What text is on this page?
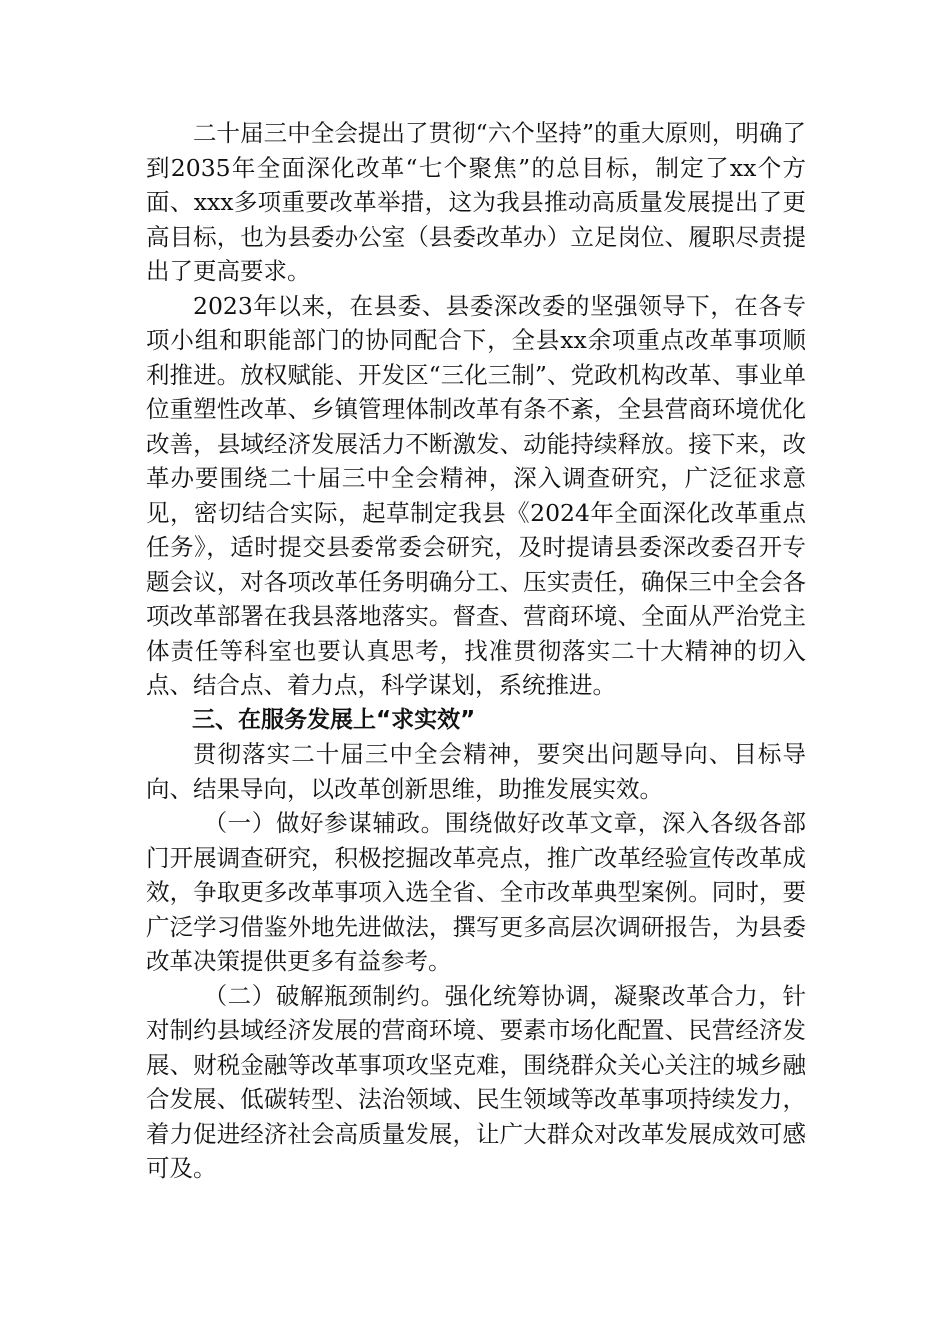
二十届三中全会提出了贯彻“六个坚持”的重大原则，明确了到2035年全面深化改革“七个聚焦”的总目标，制定了xx个方面、xxx多项重要改革举措，这为我县推动高质量发展提出了更高目标，也为县委办公室（县委改革办）立足岗位、履职尽责提出了更高要求。

2023年以来，在县委、县委深改委的坚强领导下，在各专项小组和职能部门的协同配合下，全县xx余项重点改革事项顺利推进。放权赋能、开发区“三化三制”、党政机构改革、事业单位重塑性改革、乡镇管理体制改革有条不紊，全县营商环境优化改善，县域经济发展活力不断激发、动能持续释放。接下来，改革办要围绕二十届三中全会精神，深入调查研究，广泛征求意见，密切结合实际，起草制定我县《2024年全面深化改革重点任务》，适时提交县委常委会研究，及时提请县委深改委召开专题会议，对各项改革任务明确分工、压实责任，确保三中全会各项改革部署在我县落地落实。督查、营商环境、全面从严治党主体责任等科室也要认真思考，找准贯彻落实二十大精神的切入点、结合点、着力点，科学谋划，系统推进。

三、在服务发展上“求实效”

贯彻落实二十届三中全会精神，要突出问题导向、目标导向、结果导向，以改革创新思维，助推发展实效。

（一）做好参谋辅政。围绕做好改革文章，深入各级各部门开展调查研究，积极挖掘改革亮点，推广改革经验宣传改革成效，争取更多改革事项入选全省、全市改革典型案例。同时，要广泛学习借鉴外地先进做法，撰写更多高层次调研报告，为县委改革决策提供更多有益参考。

（二）破解瓶颈制约。强化统筹协调，凝聚改革合力，针对制约县域经济发展的营商环境、要素市场化配置、民营经济发展、财税金融等改革事项攻坚克难，围绕群众关心关注的城乡融合发展、低碳转型、法治领域、民生领域等改革事项持续发力，着力促进经济社会高质量发展，让广大群众对改革发展成效可感可及。
